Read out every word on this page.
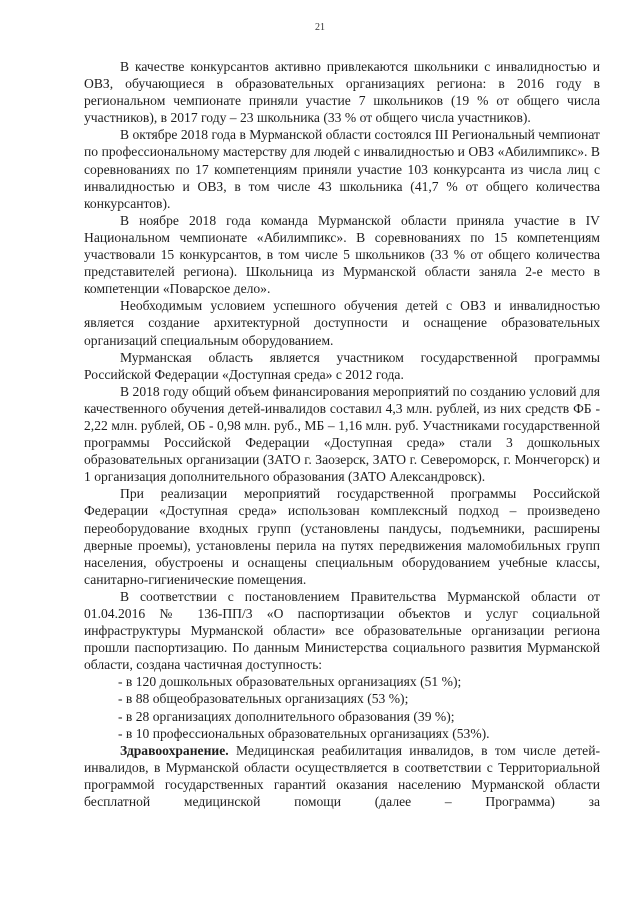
21

В качестве конкурсантов активно привлекаются школьники с инвалидностью и ОВЗ, обучающиеся в образовательных организациях региона: в 2016 году в региональном чемпионате приняли участие 7 школьников (19 % от общего числа участников), в 2017 году – 23 школьника (33 % от общего числа участников).

В октябре 2018 года в Мурманской области состоялся III Региональный чемпионат по профессиональному мастерству для людей с инвалидностью и ОВЗ «Абилимпикс». В соревнованиях по 17 компетенциям приняли участие 103 конкурсанта из числа лиц с инвалидностью и ОВЗ, в том числе 43 школьника (41,7 % от общего количества конкурсантов).

В ноябре 2018 года команда Мурманской области приняла участие в IV Национальном чемпионате «Абилимпикс». В соревнованиях по 15 компетенциям участвовали 15 конкурсантов, в том числе 5 школьников (33 % от общего количества представителей региона). Школьница из Мурманской области заняла 2-е место в компетенции «Поварское дело».

Необходимым условием успешного обучения детей с ОВЗ и инвалидностью является создание архитектурной доступности и оснащение образовательных организаций специальным оборудованием.

Мурманская область является участником государственной программы Российской Федерации «Доступная среда» с 2012 года.

В 2018 году общий объем финансирования мероприятий по созданию условий для качественного обучения детей-инвалидов составил 4,3 млн. рублей, из них средств ФБ - 2,22 млн. рублей, ОБ - 0,98 млн. руб., МБ – 1,16 млн. руб. Участниками государственной программы Российской Федерации «Доступная среда» стали 3 дошкольных образовательных организации (ЗАТО г. Заозерск, ЗАТО г. Североморск, г. Мончегорск) и 1 организация дополнительного образования (ЗАТО Александровск).

При реализации мероприятий государственной программы Российской Федерации «Доступная среда» использован комплексный подход – произведено переоборудование входных групп (установлены пандусы, подъемники, расширены дверные проемы), установлены перила на путях передвижения маломобильных групп населения, обустроены и оснащены специальным оборудованием учебные классы, санитарно-гигиенические помещения.

В соответствии с постановлением Правительства Мурманской области от 01.04.2016 № 136-ПП/3 «О паспортизации объектов и услуг социальной инфраструктуры Мурманской области» все образовательные организации региона прошли паспортизацию. По данным Министерства социального развития Мурманской области, создана частичная доступность:

- в 120 дошкольных образовательных организациях (51 %);
- в 88 общеобразовательных организациях (53 %);
- в 28 организациях дополнительного образования (39 %);
- в 10 профессиональных образовательных организациях (53%).

Здравоохранение. Медицинская реабилитация инвалидов, в том числе детей-инвалидов, в Мурманской области осуществляется в соответствии с Территориальной программой государственных гарантий оказания населению Мурманской области бесплатной медицинской помощи (далее – Программа) за
